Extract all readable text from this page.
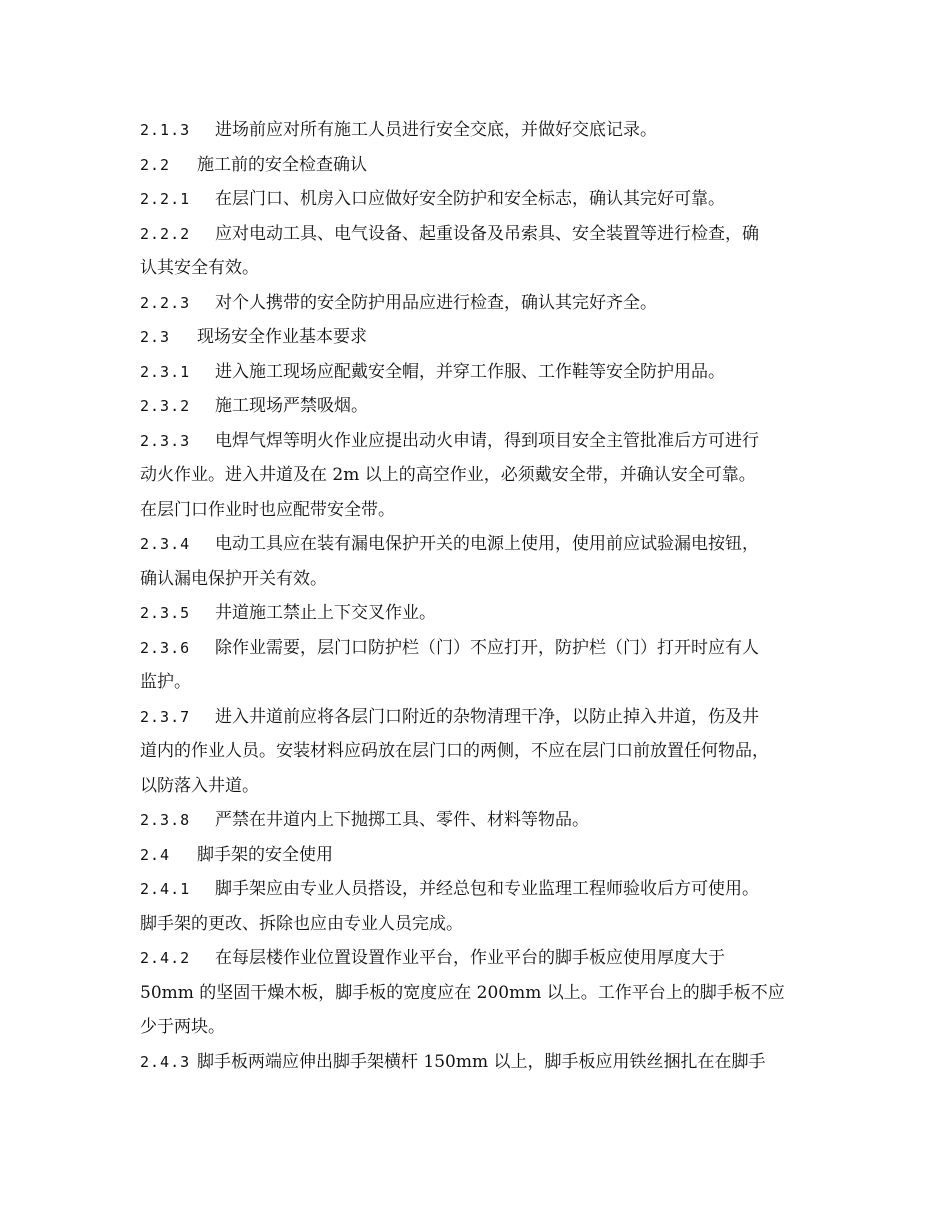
2.1.3 进场前应对所有施工人员进行安全交底，并做好交底记录。
2.2 施工前的安全检查确认
2.2.1 在层门口、机房入口应做好安全防护和安全标志，确认其完好可靠。
2.2.2 应对电动工具、电气设备、起重设备及吊索具、安全装置等进行检查，确
认其安全有效。
2.2.3 对个人携带的安全防护用品应进行检查，确认其完好齐全。
2.3 现场安全作业基本要求
2.3.1 进入施工现场应配戴安全帽，并穿工作服、工作鞋等安全防护用品。
2.3.2 施工现场严禁吸烟。
2.3.3 电焊气焊等明火作业应提出动火申请，得到项目安全主管批准后方可进行
动火作业。进入井道及在 2m 以上的高空作业，必须戴安全带，并确认安全可靠。
在层门口作业时也应配带安全带。
2.3.4 电动工具应在装有漏电保护开关的电源上使用，使用前应试验漏电按钮，
确认漏电保护开关有效。
2.3.5 井道施工禁止上下交叉作业。
2.3.6 除作业需要，层门口防护栏（门）不应打开，防护栏（门）打开时应有人
监护。
2.3.7 进入井道前应将各层门口附近的杂物清理干净，以防止掉入井道，伤及井
道内的作业人员。安装材料应码放在层门口的两侧，不应在层门口前放置任何物品，
以防落入井道。
2.3.8 严禁在井道内上下抛掷工具、零件、材料等物品。
2.4 脚手架的安全使用
2.4.1 脚手架应由专业人员搭设，并经总包和专业监理工程师验收后方可使用。
脚手架的更改、拆除也应由专业人员完成。
2.4.2 在每层楼作业位置设置作业平台，作业平台的脚手板应使用厚度大于
50mm 的坚固干燥木板，脚手板的宽度应在 200mm 以上。工作平台上的脚手板不应
少于两块。
2.4.3 脚手板两端应伸出脚手架横杆 150mm 以上，脚手板应用铁丝捆扎在在脚手
